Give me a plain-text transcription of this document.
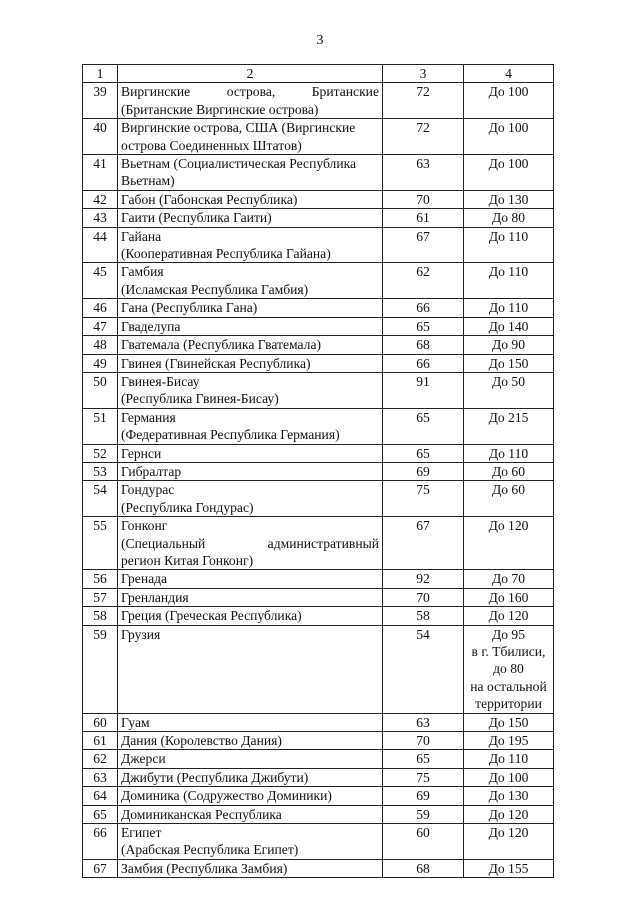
3
1	2	3	4
39	Виргинские острова, Британские
(Британские Виргинские острова)	72	До 100

40	Виргинские острова, США (Виргинские
острова Соединенных Штатов)	72	До 100

41	Вьетнам (Социалистическая Республика
Вьетнам)	63	До 100

42	Габон (Габонская Республика)	70	До 130

43	Гаити (Республика Гаити)	61	До 80

44	Гайана
(Кооперативная Республика Гайана)	67	До 110

45	Гамбия
(Исламская Республика Гамбия)	62	До 110

46	Гана (Республика Гана)	66	До 110

47	Гваделупа	65	До 140

48	Гватемала (Республика Гватемала)	68	До 90

49	Гвинея (Гвинейская Республика)	66	До 150

50	Гвинея-Бисау
(Республика Гвинея-Бисау)	91	До 50

51	Германия
(Федеративная Республика Германия)	65	До 215

52	Гернси	65	До 110

53	Гибралтар	69	До 60

54	Гондурас
(Республика Гондурас)	75	До 60

55	Гонконг
(Специальный административный
регион Китая Гонконг)	67	До 120

56	Гренада	92	До 70

57	Гренландия	70	До 160

58	Греция (Греческая Республика)	58	До 120

59	Грузия	54	До 95
в г. Тбилиси,
до 80
на остальной
территории

60	Гуам	63	До 150

61	Дания (Королевство Дания)	70	До 195

62	Джерси	65	До 110

63	Джибути (Республика Джибути)	75	До 100

64	Доминика (Содружество Доминики)	69	До 130

65	Доминиканская Республика	59	До 120

66	Египет
(Арабская Республика Египет)	60	До 120

67	Замбия (Республика Замбия)	68	До 155
